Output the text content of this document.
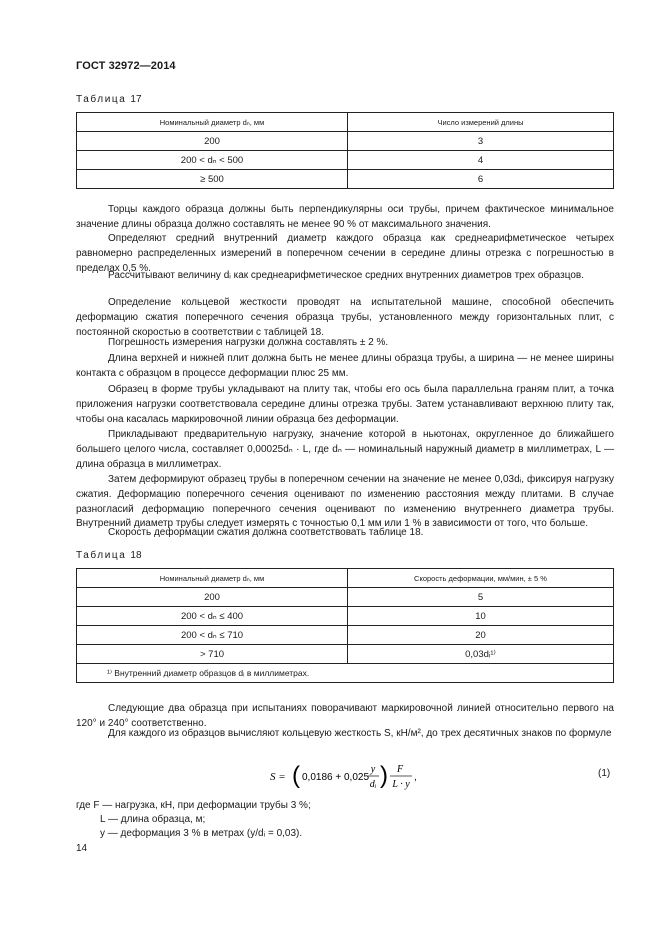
ГОСТ 32972—2014
Таблица 17
Номинальный диаметр dₙ, мм	Число измерений длины
200	3
200 < dₙ < 500	4
≥ 500	6
Торцы каждого образца должны быть перпендикулярны оси трубы, причем фактическое минимальное значение длины образца должно составлять не менее 90 % от максимального значения.
Определяют средний внутренний диаметр каждого образца как среднеарифметическое четырех равномерно распределенных измерений в поперечном сечении в середине длины отрезка с погрешностью в пределах 0,5 %.
Рассчитывают величину dᵢ как среднеарифметическое средних внутренних диаметров трех образцов.
Определение кольцевой жесткости проводят на испытательной машине, способной обеспечить деформацию сжатия поперечного сечения образца трубы, установленного между горизонтальных плит, с постоянной скоростью в соответствии с таблицей 18.
Погрешность измерения нагрузки должна составлять ± 2 %.
Длина верхней и нижней плит должна быть не менее длины образца трубы, а ширина — не менее ширины контакта с образцом в процессе деформации плюс 25 мм.
Образец в форме трубы укладывают на плиту так, чтобы его ось была параллельна граням плит, а точка приложения нагрузки соответствовала середине длины отрезка трубы. Затем устанавливают верхнюю плиту так, чтобы она касалась маркировочной линии образца без деформации.
Прикладывают предварительную нагрузку, значение которой в ньютонах, округленное до ближайшего большего целого числа, составляет 0,00025dₙ · L, где dₙ — номинальный наружный диаметр в миллиметрах, L — длина образца в миллиметрах.
Затем деформируют образец трубы в поперечном сечении на значение не менее 0,03dᵢ, фиксируя нагрузку сжатия. Деформацию поперечного сечения оценивают по изменению расстояния между плитами. В случае разногласий деформацию поперечного сечения оценивают по изменению внутреннего диаметра трубы. Внутренний диаметр трубы следует измерять с точностью 0,1 мм или 1 % в зависимости от того, что больше.
Скорость деформации сжатия должна соответствовать таблице 18.
Таблица 18
Номинальный диаметр dₙ, мм	Скорость деформации, мм/мин, ± 5 %
200	5
200 < dₙ ≤ 400	10
200 < dₙ ≤ 710	20
> 710	0,03dᵢ¹⁾
¹⁾ Внутренний диаметр образцов dᵢ в миллиметрах.	
Следующие два образца при испытаниях поворачивают маркировочной линией относительно первого на 120° и 240° соответственно.
Для каждого из образцов вычисляют кольцевую жесткость S, кН/м², до трех десятичных знаков по формуле
S = ( 0,0186 + 0,025
y
dᵢ ) F
L · y
,	(1)
где F — нагрузка, кН, при деформации трубы 3 %;
L — длина образца, м;
y — деформация 3 % в метрах (y/dᵢ = 0,03).
14
